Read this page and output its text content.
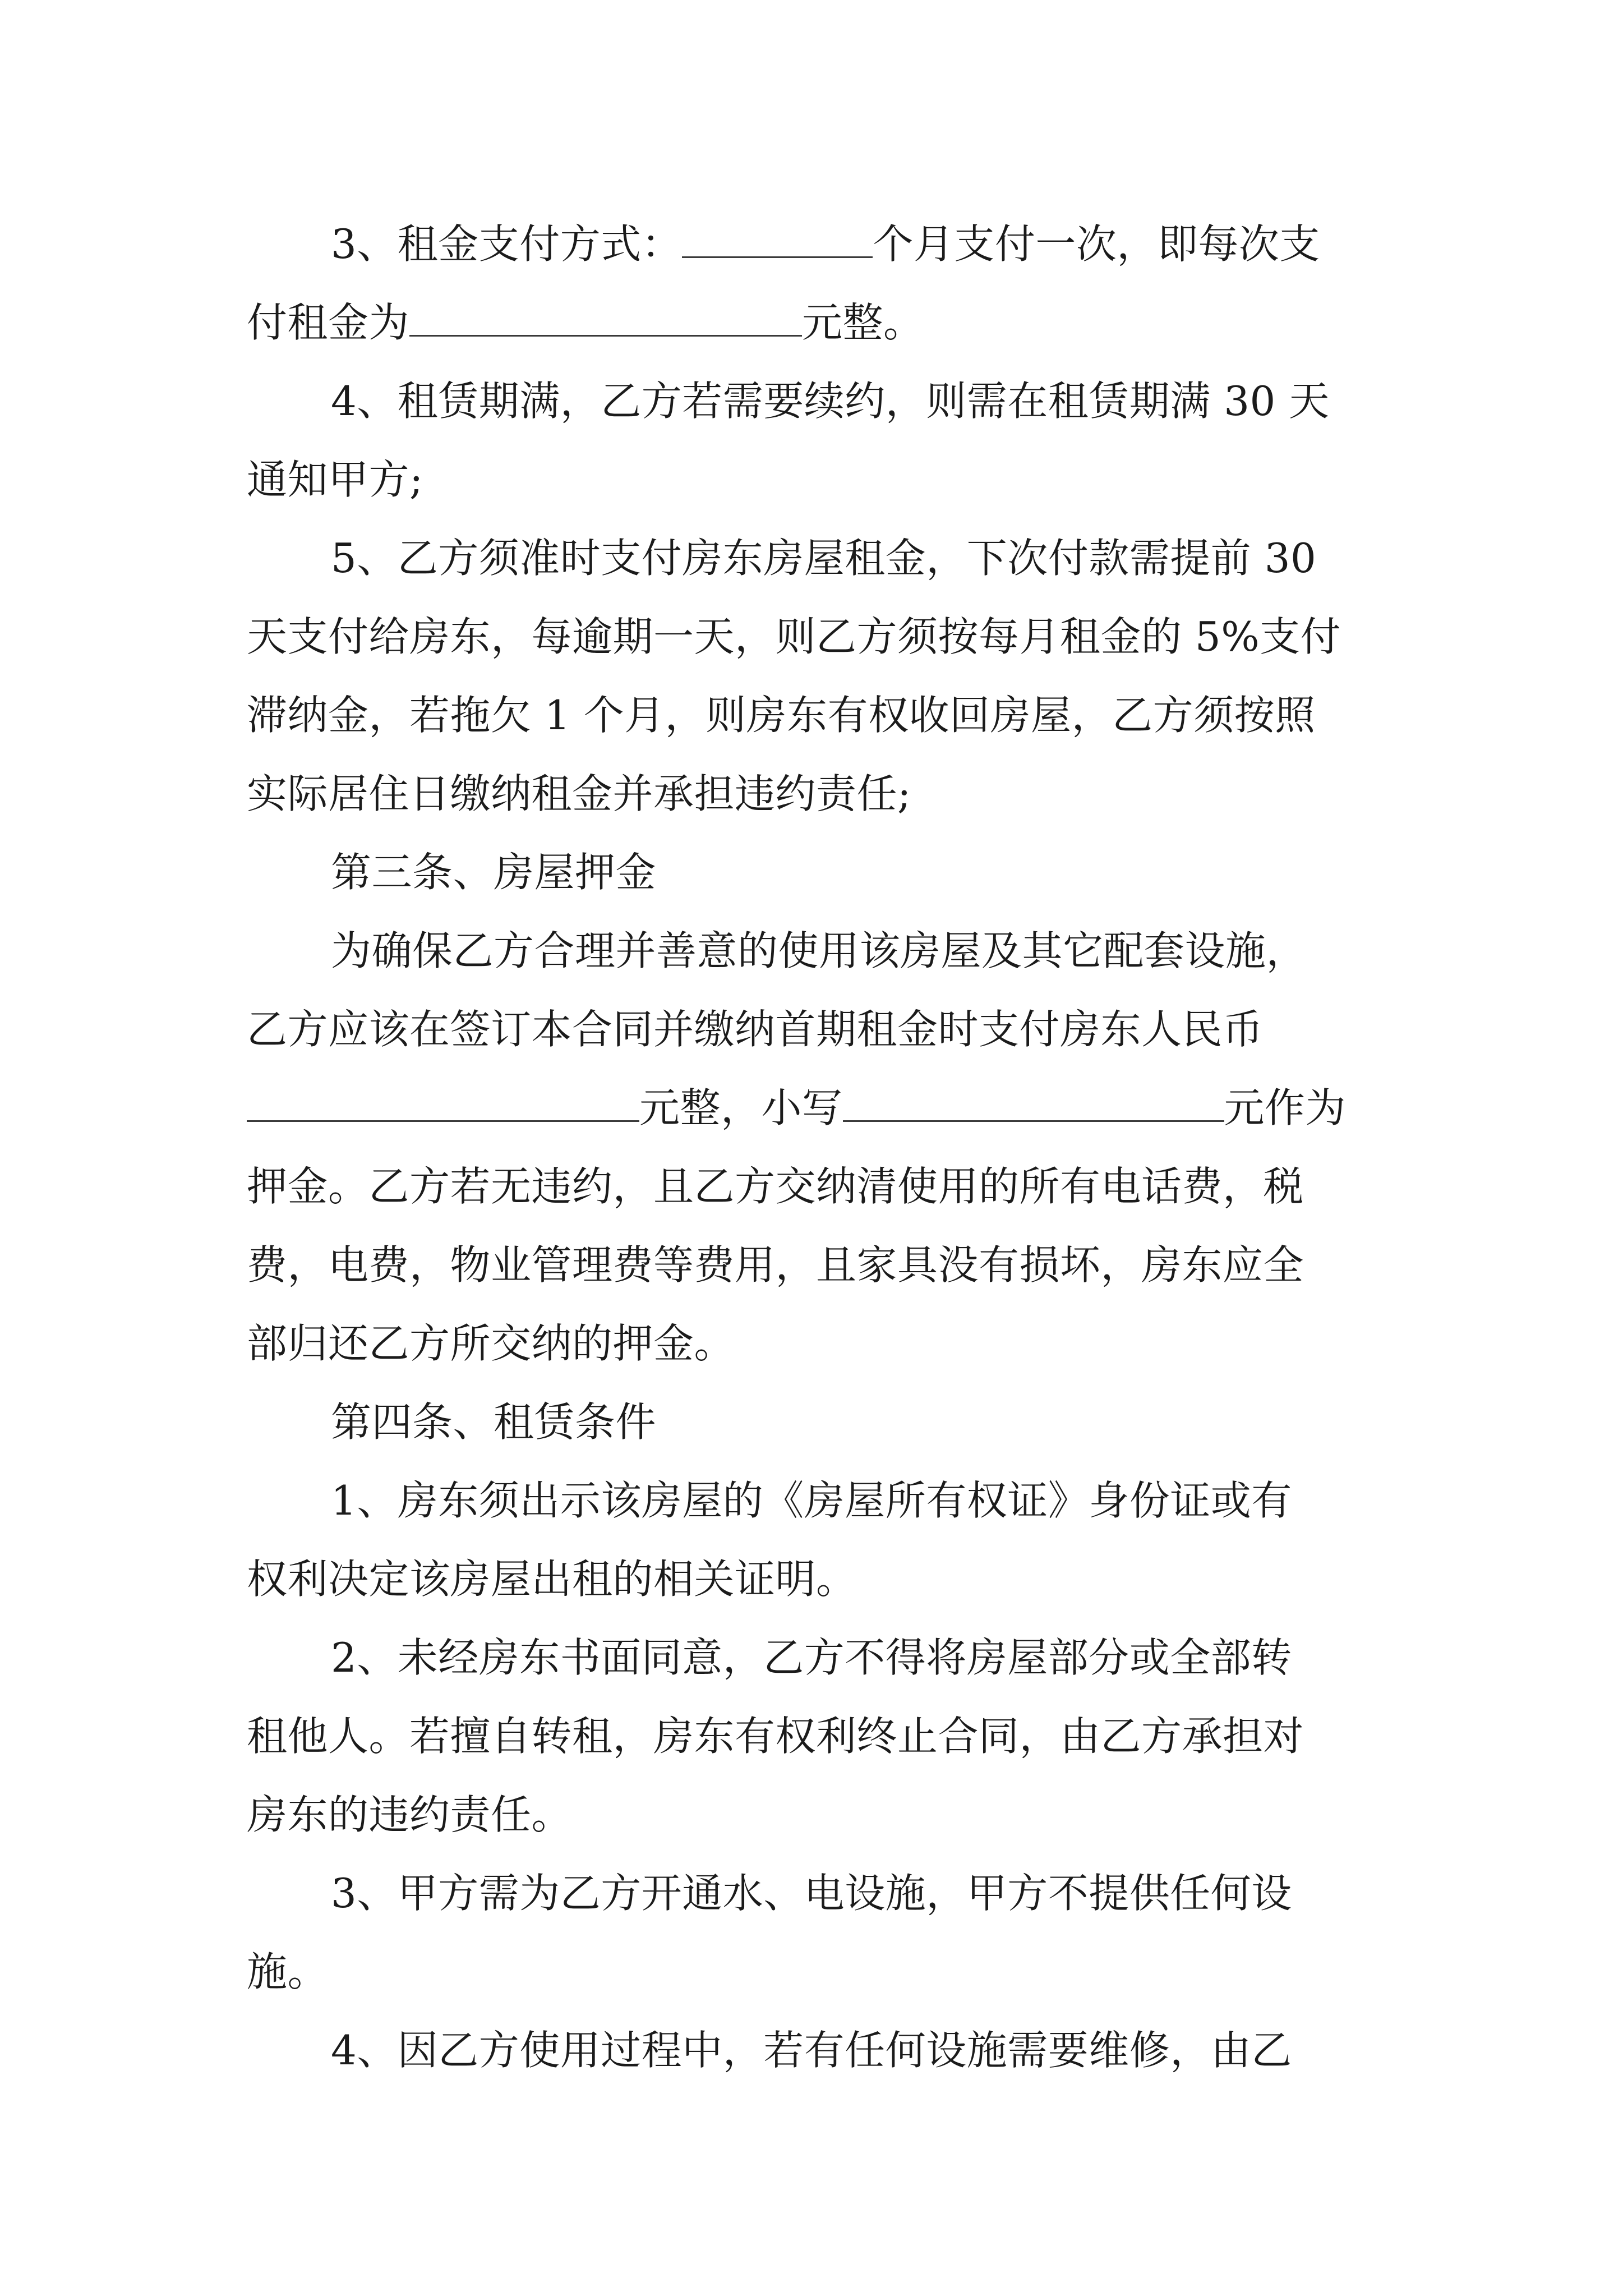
3、租金支付方式：	个月支付一次，即每次支
付租金为	元整。
4、租赁期满，乙方若需要续约，则需在租赁期满 30 天
通知甲方;
5、乙方须准时支付房东房屋租金，下次付款需提前 30
天支付给房东，每逾期一天，则乙方须按每月租金的 5%支付
滞纳金，若拖欠 1 个月，则房东有权收回房屋，乙方须按照
实际居住日缴纳租金并承担违约责任;
第三条、房屋押金
为确保乙方合理并善意的使用该房屋及其它配套设施，
乙方应该在签订本合同并缴纳首期租金时支付房东人民币
元整，小写	元作为
押金。乙方若无违约，且乙方交纳清使用的所有电话费，税
费，电费，物业管理费等费用，且家具没有损坏，房东应全
部归还乙方所交纳的押金。
第四条、租赁条件
1、房东须出示该房屋的《房屋所有权证》身份证或有
权利决定该房屋出租的相关证明。
2、未经房东书面同意，乙方不得将房屋部分或全部转
租他人。若擅自转租，房东有权利终止合同，由乙方承担对
房东的违约责任。
3、甲方需为乙方开通水、电设施，甲方不提供任何设
施。
4、因乙方使用过程中，若有任何设施需要维修，由乙
